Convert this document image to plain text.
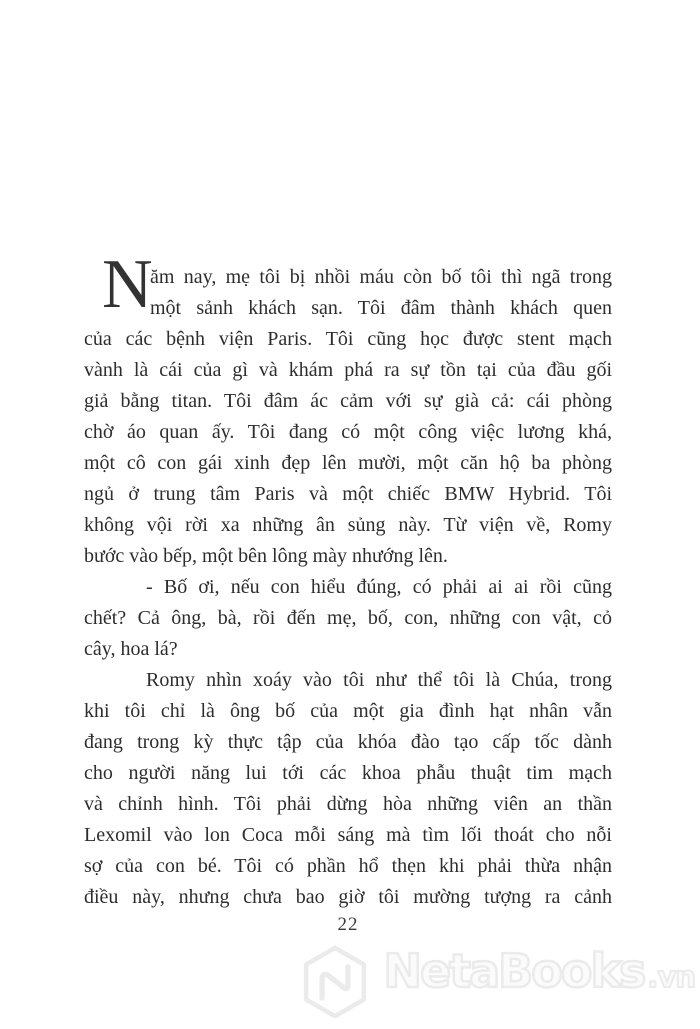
N
ăm nay, mẹ tôi bị nhồi máu còn bố tôi thì ngã trong
một sảnh khách sạn. Tôi đâm thành khách quen
của các bệnh viện Paris. Tôi cũng học được stent mạch
vành là cái của gì và khám phá ra sự tồn tại của đầu gối
giả bằng titan. Tôi đâm ác cảm với sự già cả: cái phòng
chờ áo quan ấy. Tôi đang có một công việc lương khá,
một cô con gái xinh đẹp lên mười, một căn hộ ba phòng
ngủ ở trung tâm Paris và một chiếc BMW Hybrid. Tôi
không vội rời xa những ân sủng này. Từ viện về, Romy
bước vào bếp, một bên lông mày nhướng lên.
- Bố ơi, nếu con hiểu đúng, có phải ai ai rồi cũng
chết? Cả ông, bà, rồi đến mẹ, bố, con, những con vật, cỏ
cây, hoa lá?
Romy nhìn xoáy vào tôi như thể tôi là Chúa, trong
khi tôi chỉ là ông bố của một gia đình hạt nhân vẫn
đang trong kỳ thực tập của khóa đào tạo cấp tốc dành
cho người năng lui tới các khoa phẫu thuật tim mạch
và chỉnh hình. Tôi phải dừng hòa những viên an thần
Lexomil vào lon Coca mỗi sáng mà tìm lối thoát cho nỗi
sợ của con bé. Tôi có phần hổ thẹn khi phải thừa nhận
điều này, nhưng chưa bao giờ tôi mường tượng ra cảnh
22
NetaBooks .vn
